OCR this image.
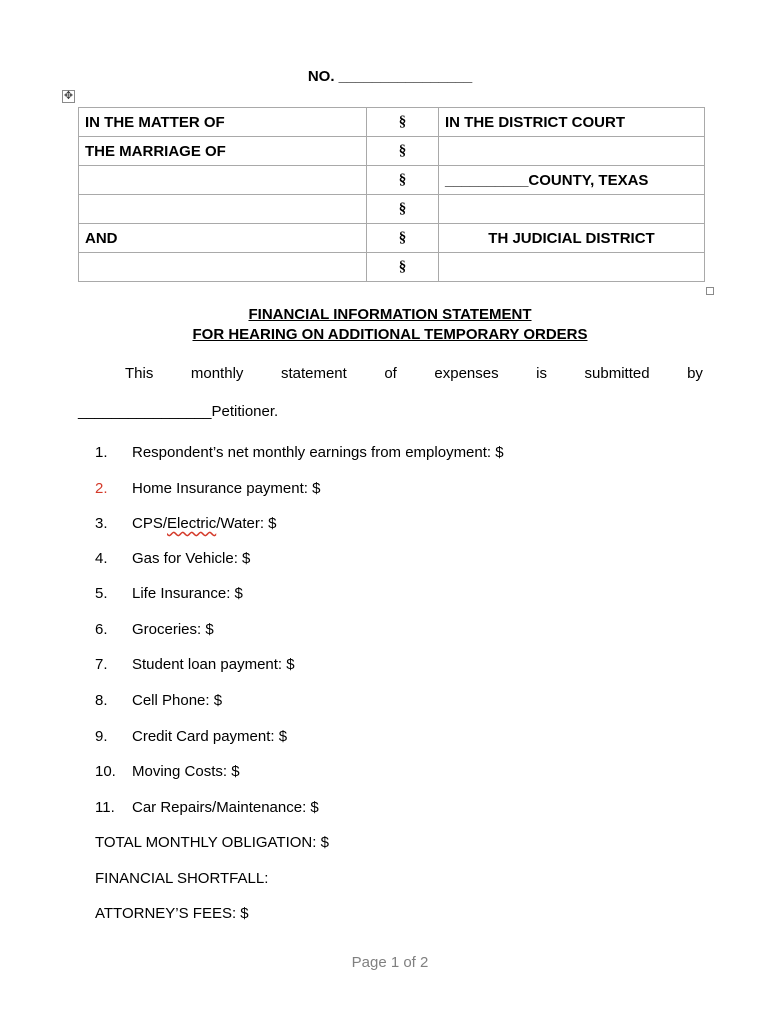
NO. ________________
✥
IN THE MATTER OF	§	IN THE DISTRICT COURT
THE MARRIAGE OF	§	
	§	__________COUNTY, TEXAS
	§	
AND	§	TH JUDICIAL DISTRICT
	§	
FINANCIAL INFORMATION STATEMENT
FOR HEARING ON ADDITIONAL TEMPORARY ORDERS
This	monthly	statement	of	expenses	is	submitted	by
________________Petitioner.
1. Respondent’s net monthly earnings from employment: $
2. Home Insurance payment: $
3. CPS/Electric/Water: $
4. Gas for Vehicle: $
5. Life Insurance: $
6. Groceries: $
7. Student loan payment: $
8. Cell Phone: $
9. Credit Card payment: $
10. Moving Costs: $
11. Car Repairs/Maintenance: $
TOTAL MONTHLY OBLIGATION: $
FINANCIAL SHORTFALL:
ATTORNEY’S FEES: $
Page 1 of 2
